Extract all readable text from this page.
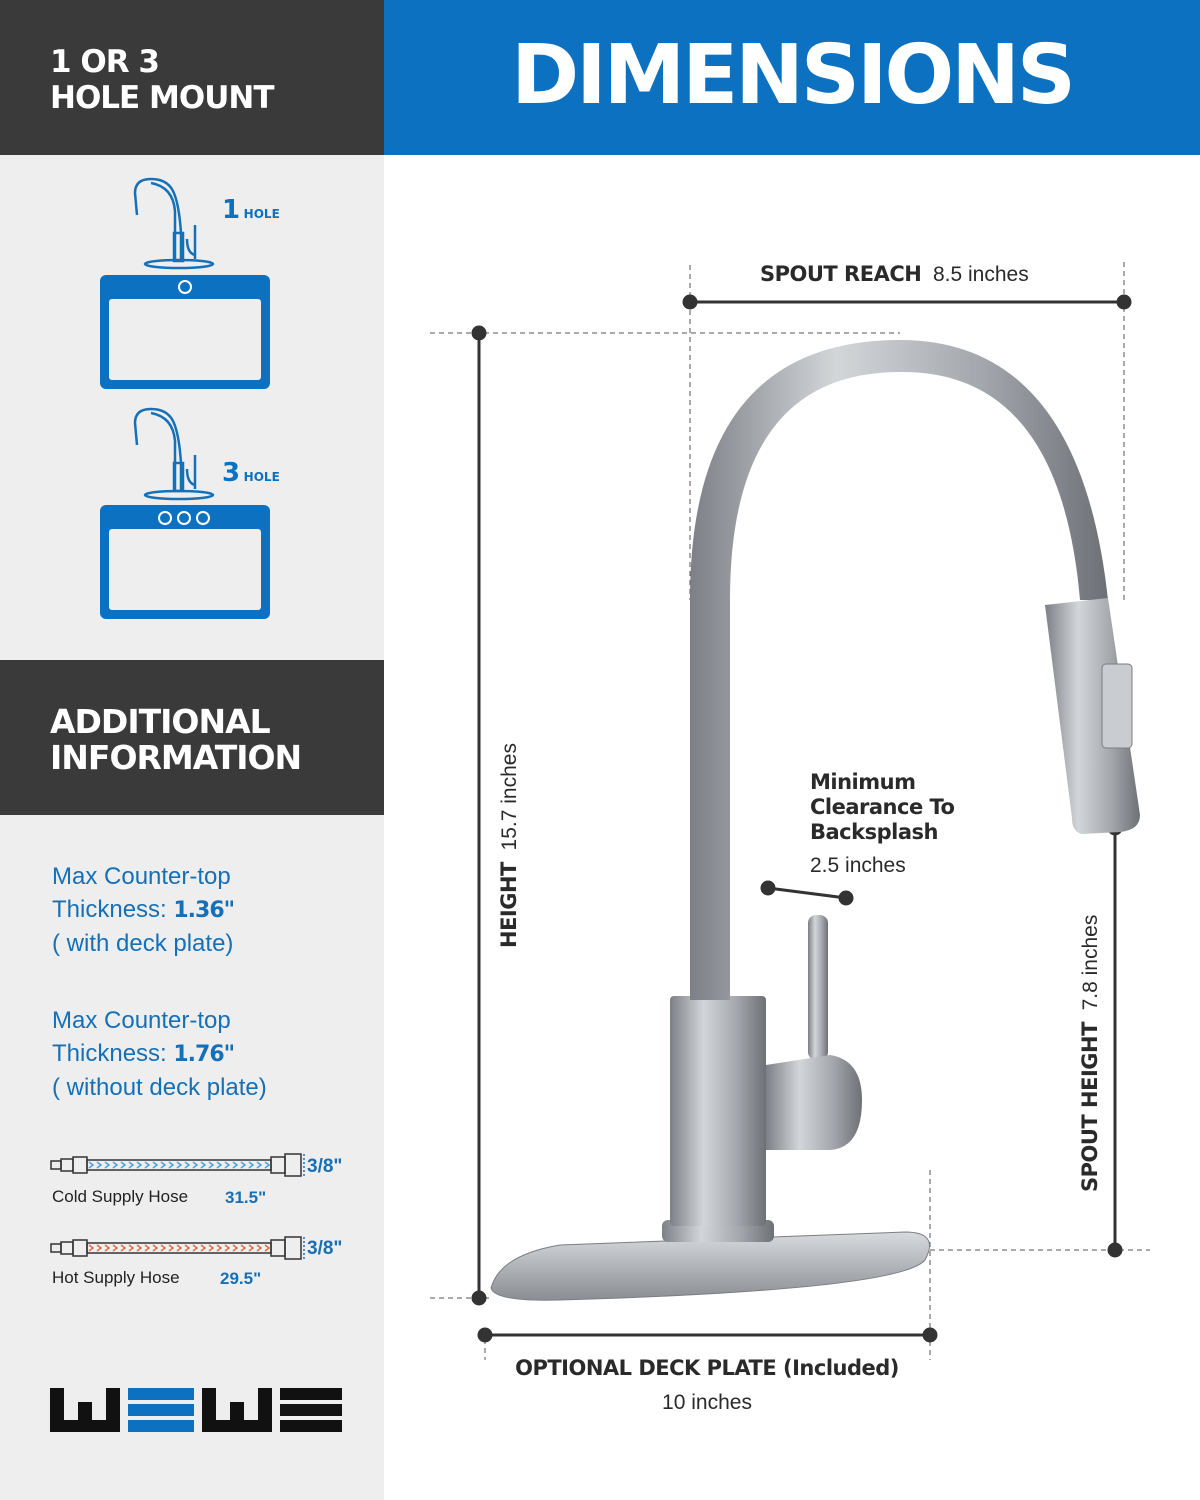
1 OR 3
HOLE MOUNT
1 HOLE
3 HOLE
ADDITIONAL
INFORMATION
Max Counter-top
Thickness: 1.36"
( with deck plate)
Max Counter-top
Thickness: 1.76"
( without deck plate)
3/8"
Cold Supply Hose 31.5"
3/8"
Hot Supply Hose 29.5"
DIMENSIONS
SPOUT REACH 8.5 inches
HEIGHT  15.7 inches	Minimum
Clearance To
Backsplash
2.5 inches
SPOUT HEIGHT  7.8 inches
OPTIONAL DECK PLATE (Included)
10 inches
